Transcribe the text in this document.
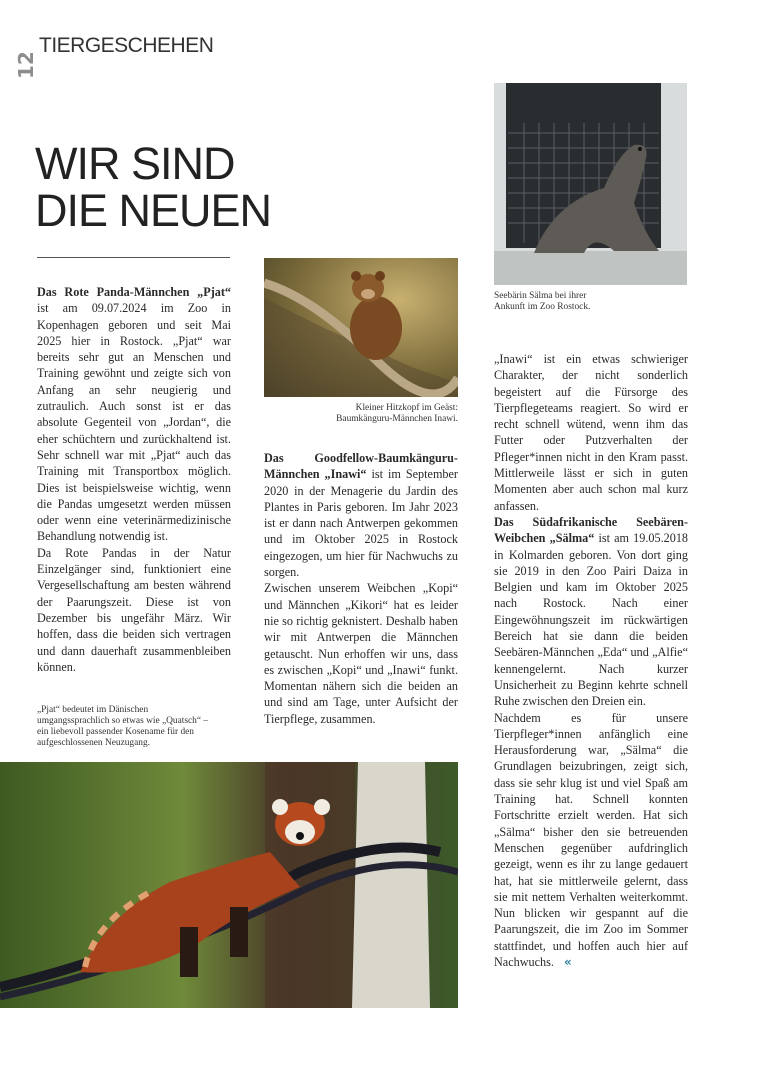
12
TIERGESCHEHEN
WIR SIND
DIE NEUEN

Das Rote Panda-Männchen „Pjat“ ist am 09.07.2024 im Zoo in Kopenhagen geboren und seit Mai 2025 hier in Rostock. „Pjat“ war bereits sehr gut an Menschen und Training gewöhnt und zeigte sich von Anfang an sehr neugierig und zutraulich. Auch sonst ist er das absolute Gegenteil von „Jordan“, die eher schüchtern und zurückhaltend ist. Sehr schnell war mit „Pjat“ auch das Training mit Transportbox möglich. Dies ist beispielsweise wichtig, wenn die Pandas umgesetzt werden müssen oder wenn eine veterinärmedizinische Behandlung notwendig ist.

Da Rote Pandas in der Natur Einzelgänger sind, funktioniert eine Vergesellschaftung am besten während der Paarungszeit. Diese ist von Dezember bis ungefähr März. Wir hoffen, dass die beiden sich vertragen und dann dauerhaft zusammenbleiben können.

„Pjat“ bedeutet im Dänischen umgangssprachlich so etwas wie „Quatsch“ – ein liebevoll passender Kosename für den aufgeschlossenen Neuzugang.
Kleiner Hitzkopf im Geäst:
Baumkänguru-Männchen Inawi.

Das Goodfellow-Baumkänguru-Männchen „Inawi“ ist im September 2020 in der Menagerie du Jardin des Plantes in Paris geboren. Im Jahr 2023 ist er dann nach Antwerpen gekommen und im Oktober 2025 in Rostock eingezogen, um hier für Nachwuchs zu sorgen.

Zwischen unserem Weibchen „Kopi“ und Männchen „Kikori“ hat es leider nie so richtig geknistert. Deshalb haben wir mit Antwerpen die Männchen getauscht. Nun erhoffen wir uns, dass es zwischen „Kopi“ und „Inawi“ funkt. Momentan nähern sich die beiden an und sind am Tage, unter Aufsicht der Tierpflege, zusammen.

Seebärin Sälma bei ihrer
Ankunft im Zoo Rostock.

„Inawi“ ist ein etwas schwieriger Charakter, der nicht sonderlich begeistert auf die Fürsorge des Tierpflegeteams reagiert. So wird er recht schnell wütend, wenn ihm das Futter oder Putzverhalten der Pfleger*innen nicht in den Kram passt. Mittlerweile lässt er sich in guten Momenten aber auch schon mal kurz anfassen.

Das Südafrikanische Seebären-Weibchen „Sälma“ ist am 19.05.2018 in Kolmarden geboren. Von dort ging sie 2019 in den Zoo Pairi Daiza in Belgien und kam im Oktober 2025 nach Rostock. Nach einer Eingewöhnungszeit im rückwärtigen Bereich hat sie dann die beiden Seebären-Männchen „Eda“ und „Alfie“ kennengelernt. Nach kurzer Unsicherheit zu Beginn kehrte schnell Ruhe zwischen den Dreien ein.

Nachdem es für unsere Tierpfleger*innen anfänglich eine Herausforderung war, „Sälma“ die Grundlagen beizubringen, zeigt sich, dass sie sehr klug ist und viel Spaß am Training hat. Schnell konnten Fortschritte erzielt werden. Hat sich „Sälma“ bisher den sie betreuenden Menschen gegenüber aufdringlich gezeigt, wenn es ihr zu lange gedauert hat, hat sie mittlerweile gelernt, dass sie mit nettem Verhalten weiterkommt. Nun blicken wir gespannt auf die Paarungszeit, die im Zoo im Sommer stattfindet, und hoffen auch hier auf Nachwuchs. «
